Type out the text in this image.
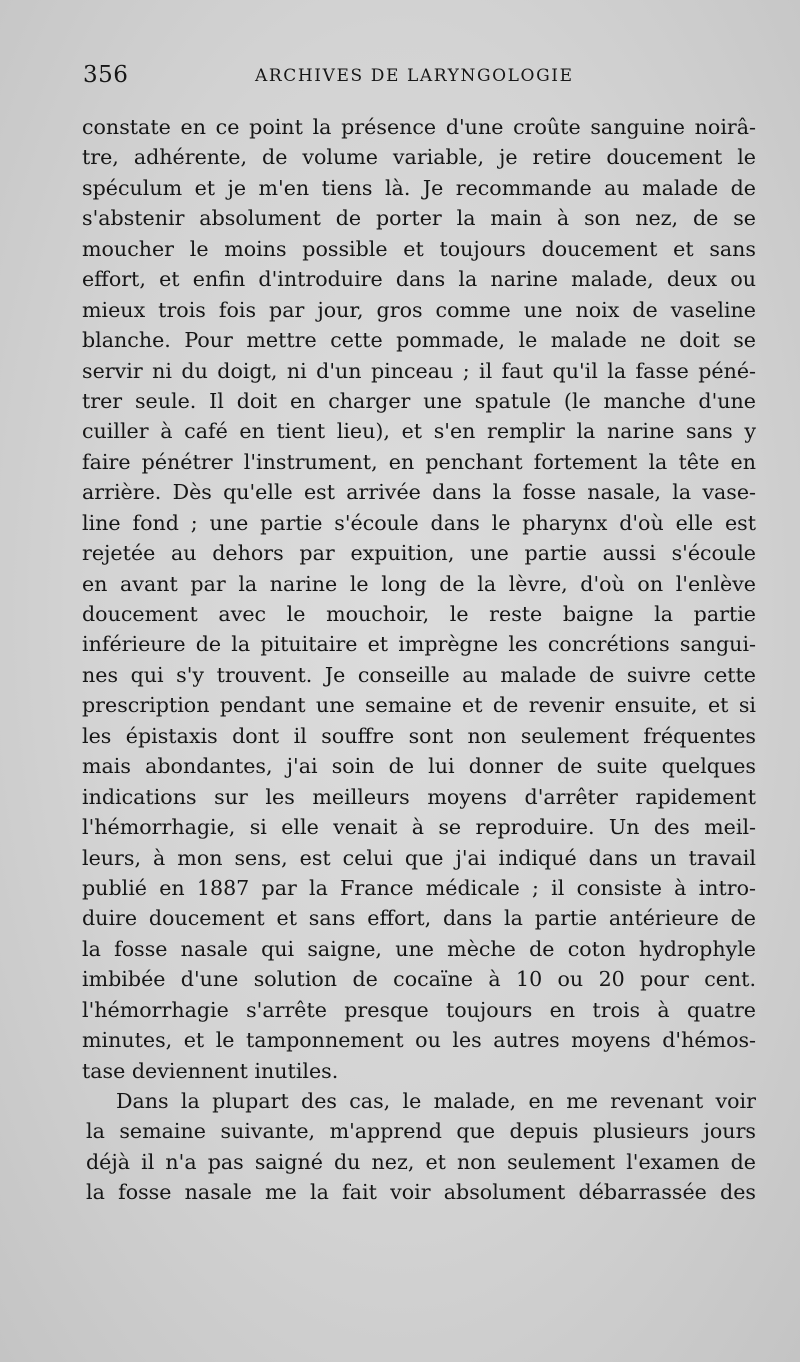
356	ARCHIVES DE LARYNGOLOGIE
constate en ce point la présence d'une croûte sanguine noirâ-
tre, adhérente, de volume variable, je retire doucement le
spéculum et je m'en tiens là. Je recommande au malade de
s'abstenir absolument de porter la main à son nez, de se
moucher le moins possible et toujours doucement et sans
effort, et enfin d'introduire dans la narine malade, deux ou
mieux trois fois par jour, gros comme une noix de vaseline
blanche. Pour mettre cette pommade, le malade ne doit se
servir ni du doigt, ni d'un pinceau ; il faut qu'il la fasse péné-
trer seule. Il doit en charger une spatule (le manche d'une
cuiller à café en tient lieu), et s'en remplir la narine sans y
faire pénétrer l'instrument, en penchant fortement la tête en
arrière. Dès qu'elle est arrivée dans la fosse nasale, la vase-
line fond ; une partie s'écoule dans le pharynx d'où elle est
rejetée au dehors par expuition, une partie aussi s'écoule
en avant par la narine le long de la lèvre, d'où on l'enlève
doucement avec le mouchoir, le reste baigne la partie
inférieure de la pituitaire et imprègne les concrétions sangui-
nes qui s'y trouvent. Je conseille au malade de suivre cette
prescription pendant une semaine et de revenir ensuite, et si
les épistaxis dont il souffre sont non seulement fréquentes
mais abondantes, j'ai soin de lui donner de suite quelques
indications sur les meilleurs moyens d'arrêter rapidement
l'hémorrhagie, si elle venait à se reproduire. Un des meil-
leurs, à mon sens, est celui que j'ai indiqué dans un travail
publié en 1887 par la France médicale ; il consiste à intro-
duire doucement et sans effort, dans la partie antérieure de
la fosse nasale qui saigne, une mèche de coton hydrophyle
imbibée d'une solution de cocaïne à 10 ou 20 pour cent.
l'hémorrhagie s'arrête presque toujours en trois à quatre
minutes, et le tamponnement ou les autres moyens d'hémos-
tase deviennent inutiles.
Dans la plupart des cas, le malade, en me revenant voir
la semaine suivante, m'apprend que depuis plusieurs jours
déjà il n'a pas saigné du nez, et non seulement l'examen de
la fosse nasale me la fait voir absolument débarrassée des
